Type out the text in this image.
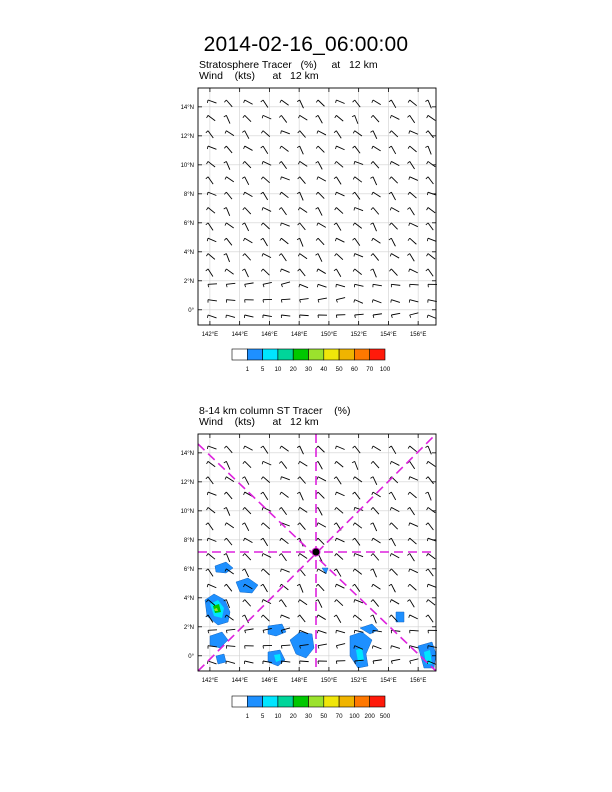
2014-02-16_06:00:00
Stratosphere Tracer   (%)     at   12 km
Wind    (kts)      at   12 km
8-14 km column ST Tracer    (%)
Wind    (kts)      at   12 km
142°E 144°E 146°E 148°E 150°E 152°E 154°E 156°E
0°
2°N
4°N
6°N
8°N
10°N
12°N
14°N
142°E 144°E 146°E 148°E 150°E 152°E 154°E 156°E
0°
2°N
4°N
6°N
8°N
10°N
12°N
14°N
1 5 10 20 30 40 50 60 70 100
1 5 10 20 30 50 70 100 200 500
